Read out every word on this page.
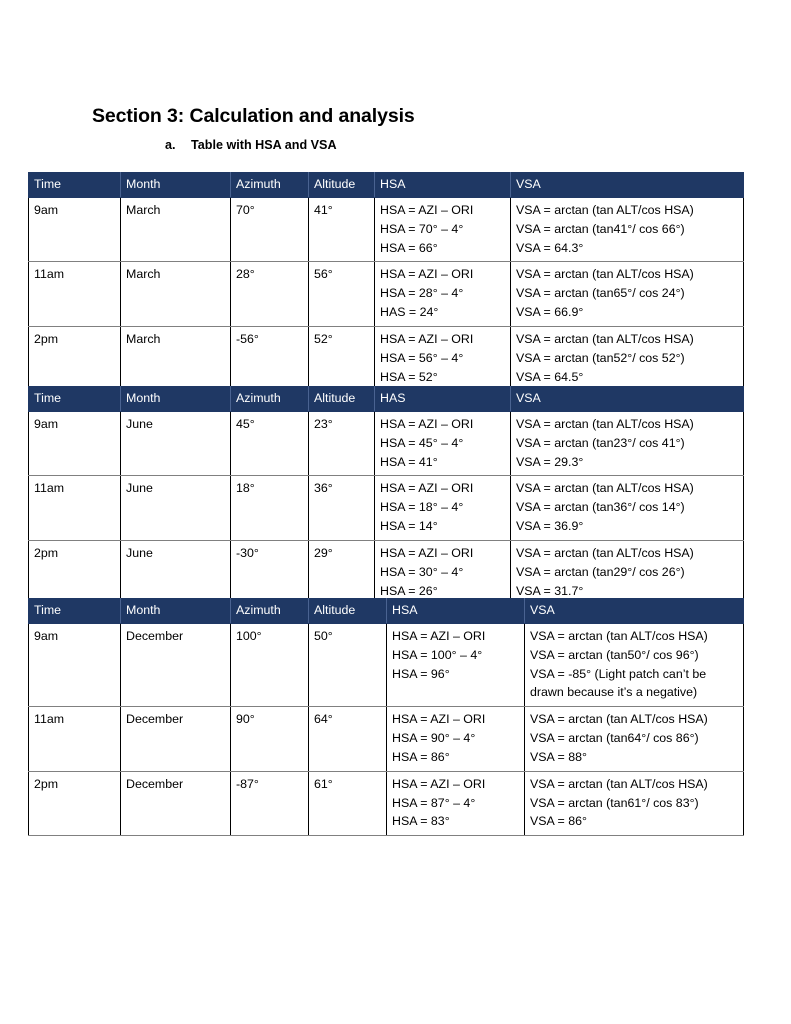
Section 3: Calculation and analysis
a. Table with HSA and VSA
Time	Month	Azimuth	Altitude	HSA	VSA
9am	March	70°	41°	HSA = AZI – ORI
HSA = 70° – 4°
HSA = 66°	VSA = arctan (tan ALT/cos HSA)
VSA = arctan (tan41°/ cos 66°)
VSA = 64.3°

11am	March	28°	56°	HSA = AZI – ORI
HSA = 28° – 4°
HAS = 24°	VSA = arctan (tan ALT/cos HSA)
VSA = arctan (tan65°/ cos 24°)
VSA = 66.9°

2pm	March	-56°	52°	HSA = AZI – ORI
HSA = 56° – 4°
HSA = 52°	VSA = arctan (tan ALT/cos HSA)
VSA = arctan (tan52°/ cos 52°)
VSA = 64.5°
Time	Month	Azimuth	Altitude	HAS	VSA
9am	June	45°	23°	HSA = AZI – ORI
HSA = 45° – 4°
HSA = 41°	VSA = arctan (tan ALT/cos HSA)
VSA = arctan (tan23°/ cos 41°)
VSA = 29.3°

11am	June	18°	36°	HSA = AZI – ORI
HSA = 18° – 4°
HSA = 14°	VSA = arctan (tan ALT/cos HSA)
VSA = arctan (tan36°/ cos 14°)
VSA = 36.9°

2pm	June	-30°	29°	HSA = AZI – ORI
HSA = 30° – 4°
HSA = 26°	VSA = arctan (tan ALT/cos HSA)
VSA = arctan (tan29°/ cos 26°)
VSA = 31.7°
Time	Month	Azimuth	Altitude	HSA	VSA
9am	December	100°	50°	HSA = AZI – ORI
HSA = 100° – 4°
HSA = 96°	VSA = arctan (tan ALT/cos HSA)
VSA = arctan (tan50°/ cos 96°)
VSA = -85° (Light patch can’t be drawn because it’s a negative)

11am	December	90°	64°	HSA = AZI – ORI
HSA = 90° – 4°
HSA = 86°	VSA = arctan (tan ALT/cos HSA)
VSA = arctan (tan64°/ cos 86°)
VSA = 88°

2pm	December	-87°	61°	HSA = AZI – ORI
HSA = 87° – 4°
HSA = 83°	VSA = arctan (tan ALT/cos HSA)
VSA = arctan (tan61°/ cos 83°)
VSA = 86°
